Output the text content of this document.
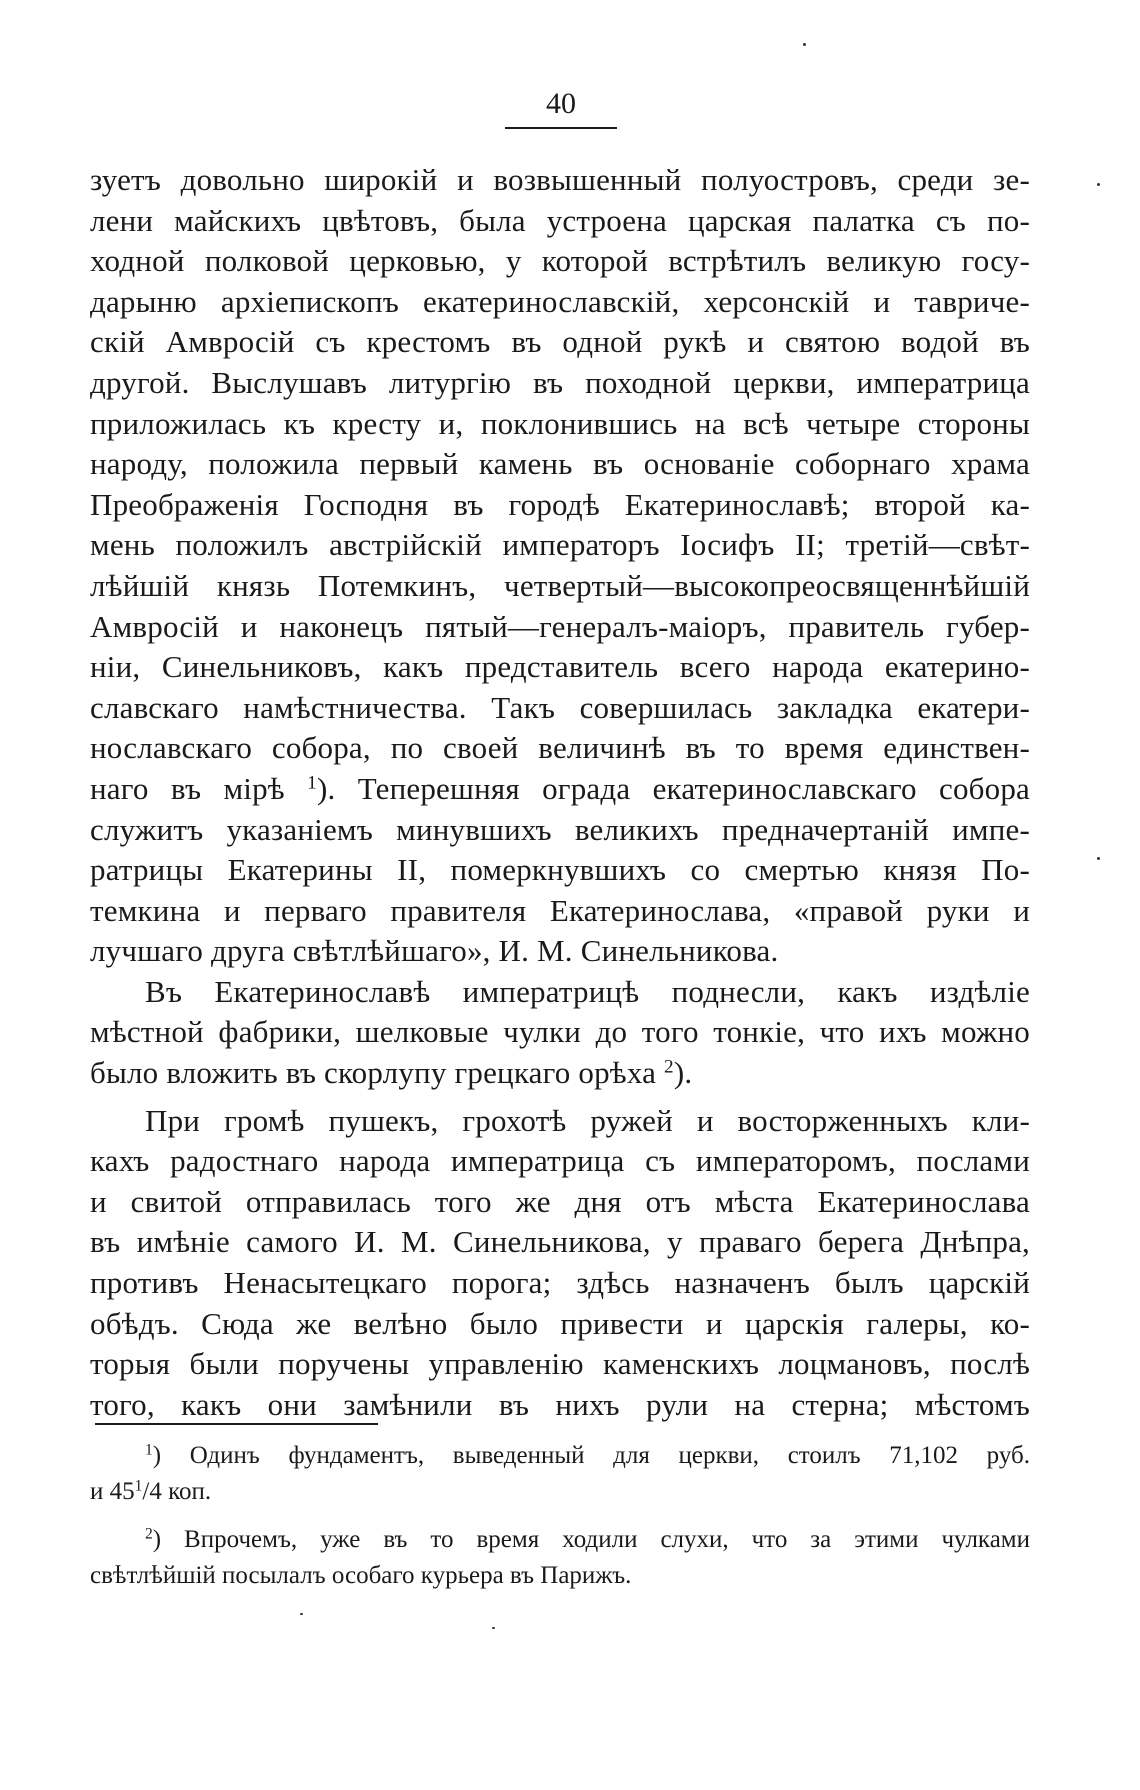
40
зуетъ довольно широкій и возвышенный полуостровъ, среди зе-
лени майскихъ цвѣтовъ, была устроена царская палатка съ по-
ходной полковой церковью, у которой встрѣтилъ великую госу-
дарыню архіепископъ екатеринославскій, херсонскій и тавриче-
скій Амвросій съ крестомъ въ одной рукѣ и святою водой въ
другой. Выслушавъ литургію въ походной церкви, императрица
приложилась къ кресту и, поклонившись на всѣ четыре стороны
народу, положила первый камень въ основаніе соборнаго храма
Преображенія Господня въ городѣ Екатеринославѣ; второй ка-
мень положилъ австрійскій императоръ Іосифъ II; третій—свѣт-
лѣйшій князь Потемкинъ, четвертый—высокопреосвященнѣйшій
Амвросій и наконецъ пятый—генералъ-маіоръ, правитель губер-
ніи, Синельниковъ, какъ представитель всего народа екатерино-
славскаго намѣстничества. Такъ совершилась закладка екатери-
нославскаго собора, по своей величинѣ въ то время единствен-
наго въ мірѣ $^1$). Теперешняя ограда екатеринославскаго собора
служитъ указаніемъ минувшихъ великихъ предначертаній импе-
ратрицы Екатерины II, померкнувшихъ со смертью князя По-
темкина и перваго правителя Екатеринослава, «правой руки и
лучшаго друга свѣтлѣйшаго», И. М. Синельникова.
Въ Екатеринославѣ императрицѣ поднесли, какъ издѣліе
мѣстной фабрики, шелковые чулки до того тонкіе, что ихъ можно
было вложить въ скорлупу грецкаго орѣха $^2$).
При громѣ пушекъ, грохотѣ ружей и восторженныхъ кли-
кахъ радостнаго народа императрица съ императоромъ, послами
и свитой отправилась того же дня отъ мѣста Екатеринослава
въ имѣніе самого И. М. Синельникова, у праваго берега Днѣпра,
противъ Ненасытецкаго порога; здѣсь назначенъ былъ царскій
обѣдъ. Сюда же велѣно было привести и царскія галеры, ко-
торыя были поручены управленію каменскихъ лоцмановъ, послѣ
того, какъ они замѣнили въ нихъ рули на стерна; мѣстомъ
$^1$) Одинъ фундаментъ, выведенный для церкви, стоилъ 71,102 руб.
и $45^1/4$ коп.
$^2$) Впрочемъ, уже въ то время ходили слухи, что за этими чулками
свѣтлѣйшій посылалъ особаго курьера въ Парижъ.
